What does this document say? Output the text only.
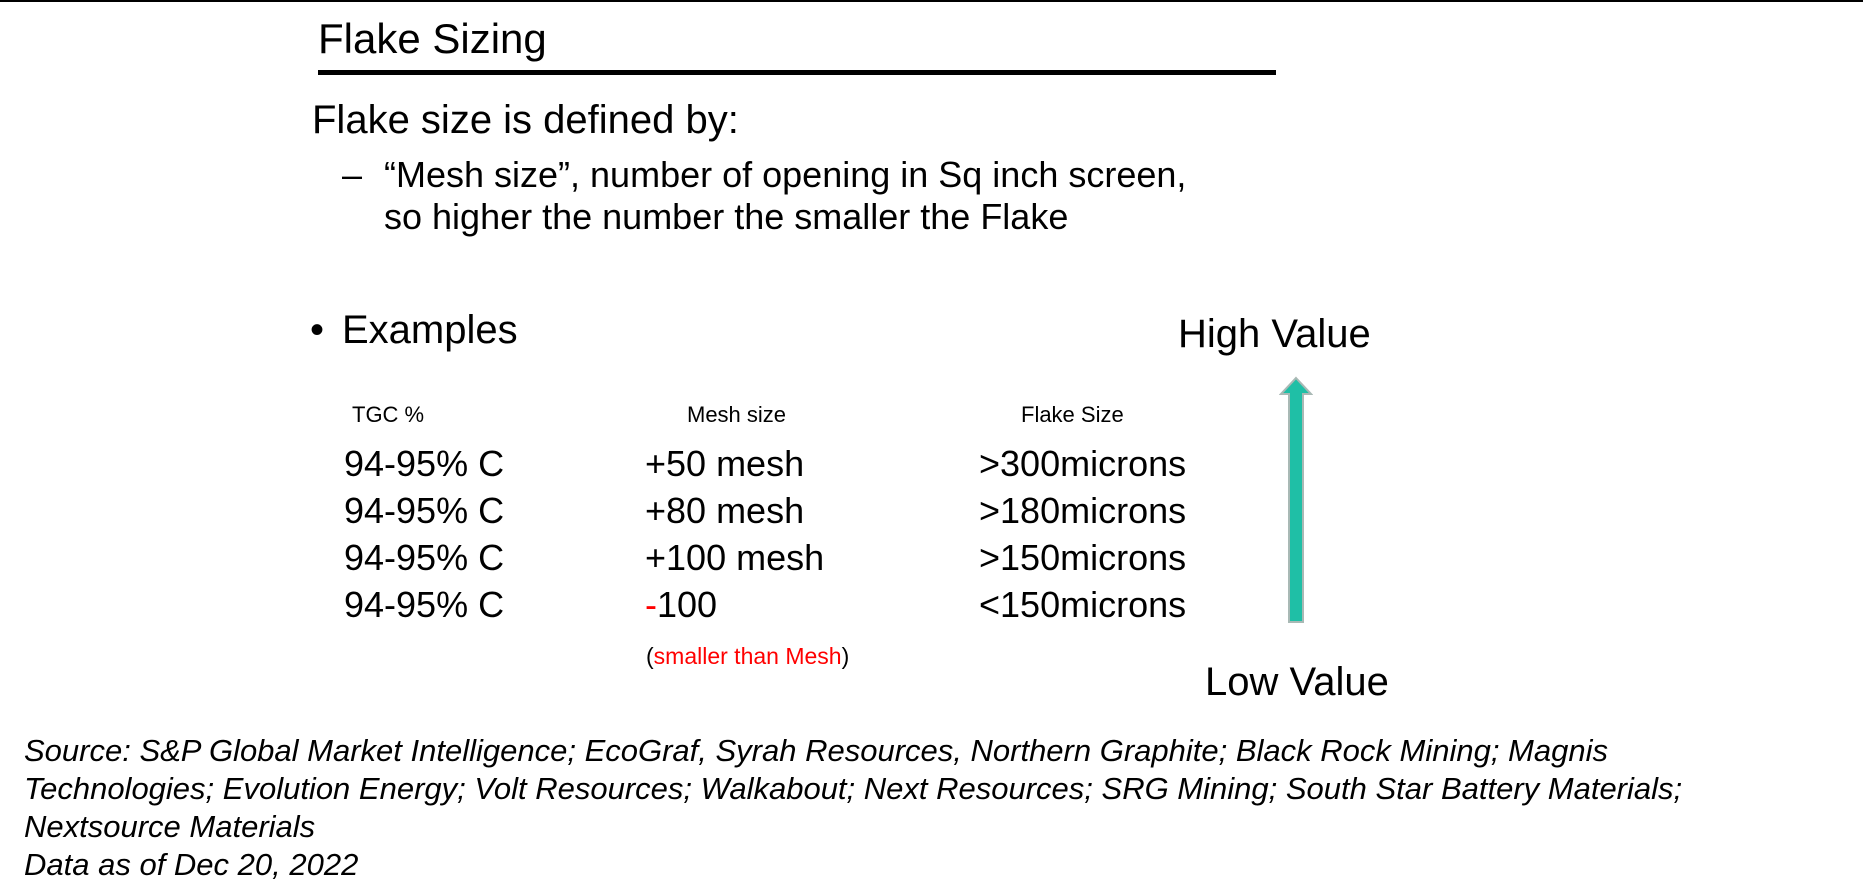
Flake Sizing
Flake size is defined by:
– “Mesh size”, number of opening in Sq inch screen,
so higher the number the smaller the Flake
• Examples
TGC %	Mesh size	Flake Size
94-95% C	+50 mesh	>300microns
94-95% C	+80 mesh	>180microns
94-95% C	+100 mesh	>150microns
94-95% C	-100	<150microns
(smaller than Mesh)
High Value
Low Value
Source: S&P Global Market Intelligence; EcoGraf, Syrah Resources, Northern Graphite; Black Rock Mining; Magnis
Technologies; Evolution Energy; Volt Resources; Walkabout; Next Resources; SRG Mining; South Star Battery Materials;
Nextsource Materials
Data as of Dec 20, 2022
